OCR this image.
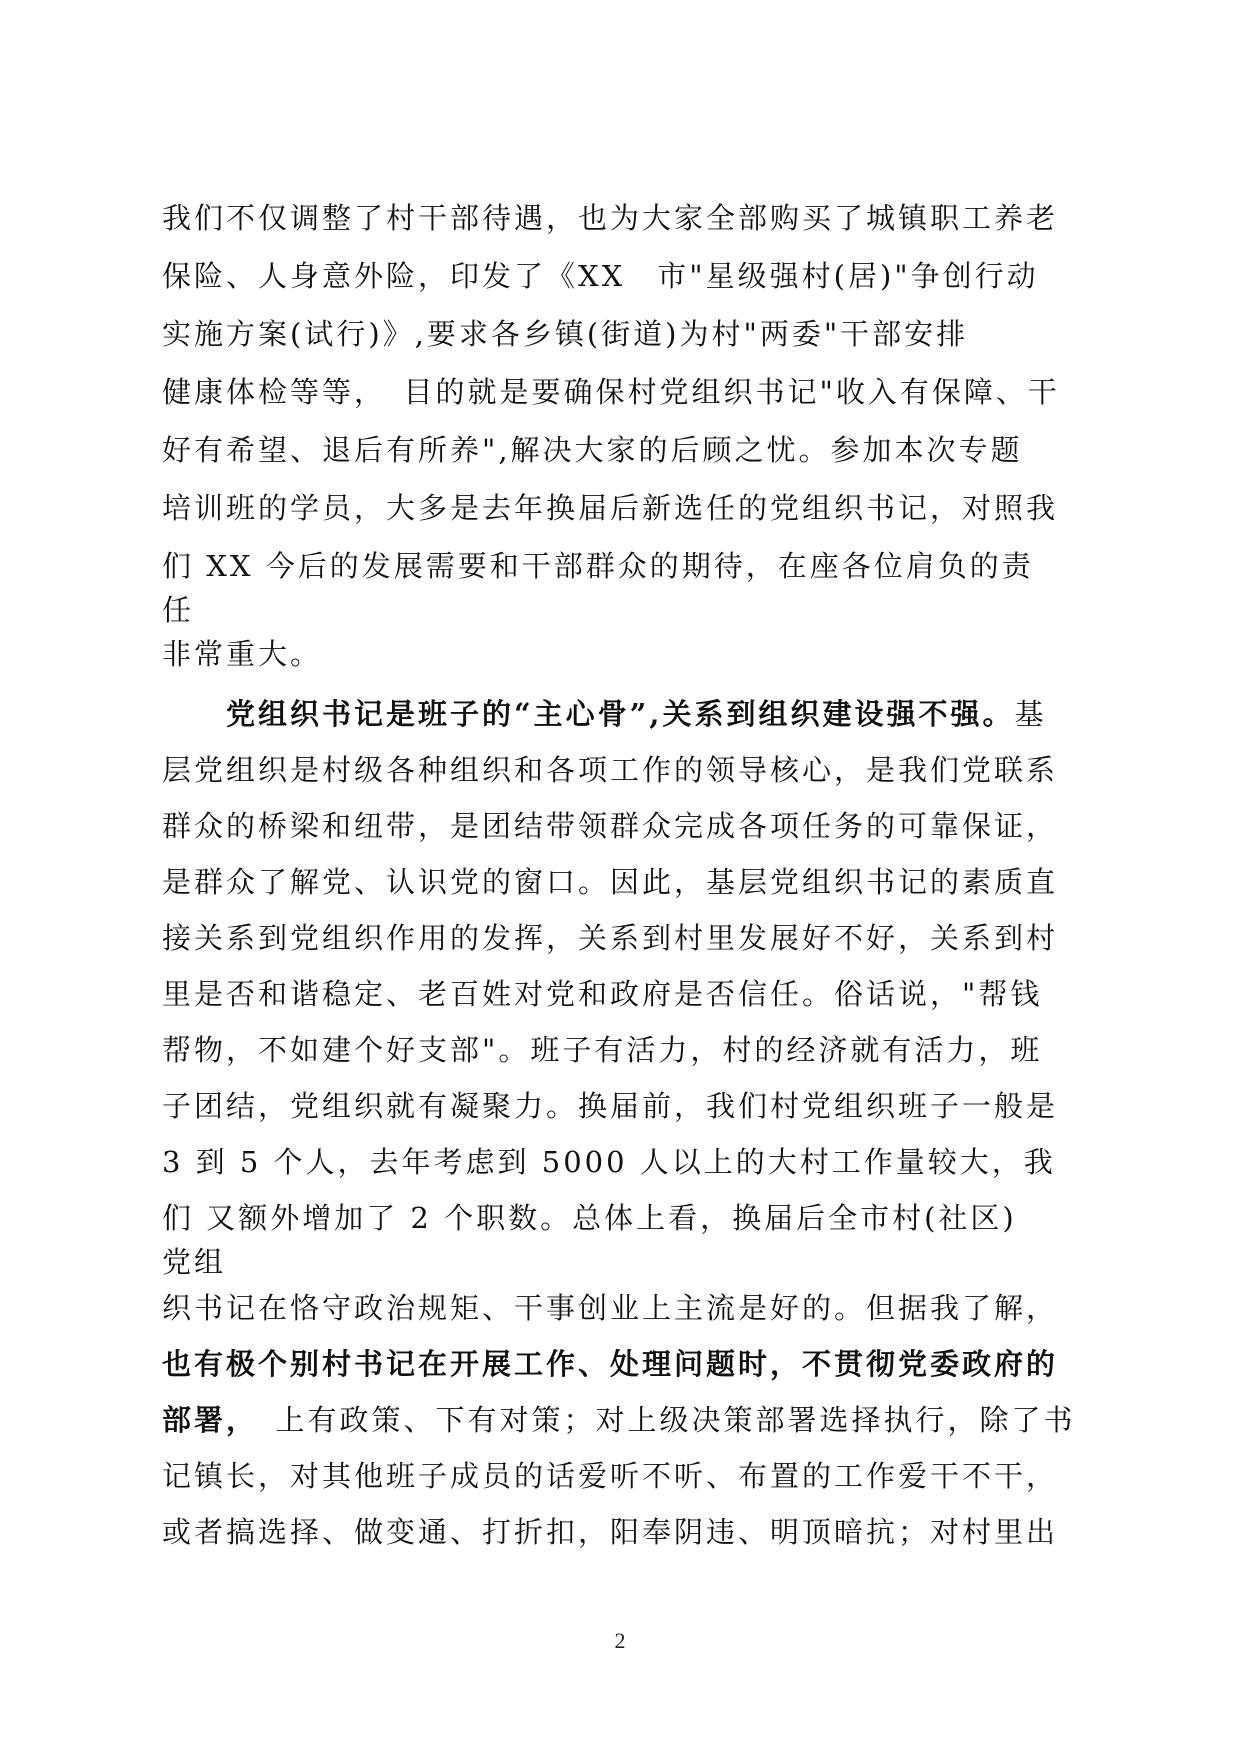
我们不仅调整了村干部待遇，也为大家全部购买了城镇职工养老
保险、人身意外险，印发了《XX　市"星级强村(居)"争创行动
实施方案(试行)》,要求各乡镇(街道)为村"两委"干部安排
健康体检等等，　目的就是要确保村党组织书记"收入有保障、干
好有希望、退后有所养",解决大家的后顾之忧。参加本次专题
培训班的学员，大多是去年换届后新选任的党组织书记，对照我
们 XX 今后的发展需要和干部群众的期待，在座各位肩负的责
任
非常重大。
　　党组织书记是班子的“主心骨”,关系到组织建设强不强。基
层党组织是村级各种组织和各项工作的领导核心，是我们党联系
群众的桥梁和纽带，是团结带领群众完成各项任务的可靠保证，
是群众了解党、认识党的窗口。因此，基层党组织书记的素质直
接关系到党组织作用的发挥，关系到村里发展好不好，关系到村
里是否和谐稳定、老百姓对党和政府是否信任。俗话说，"帮钱
帮物，不如建个好支部"。班子有活力，村的经济就有活力，班
子团结，党组织就有凝聚力。换届前，我们村党组织班子一般是
3 到 5 个人，去年考虑到 5000 人以上的大村工作量较大，我
们 又额外增加了 2 个职数。总体上看，换届后全市村(社区)
党组
织书记在恪守政治规矩、干事创业上主流是好的。但据我了解，
也有极个别村书记在开展工作、处理问题时，不贯彻党委政府的
部署，　上有政策、下有对策；对上级决策部署选择执行，除了书
记镇长，对其他班子成员的话爱听不听、布置的工作爱干不干，
或者搞选择、做变通、打折扣，阳奉阴违、明顶暗抗；对村里出
2
